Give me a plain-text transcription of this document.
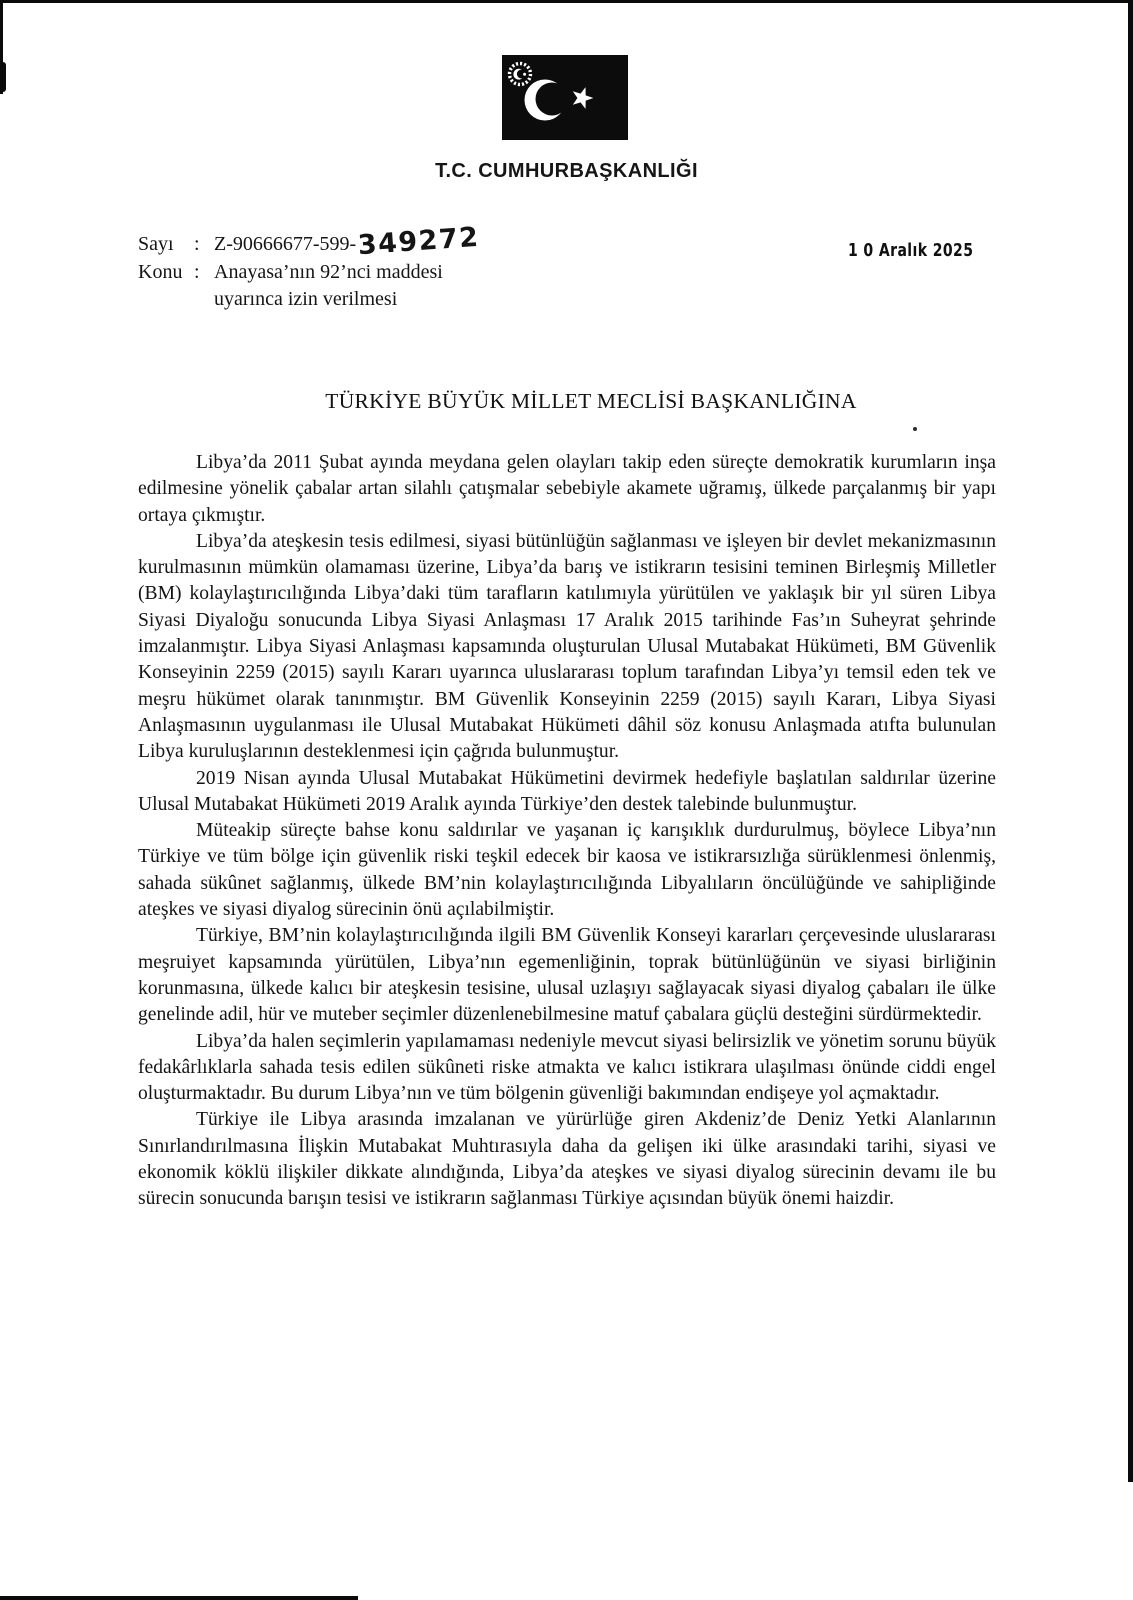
T.C. CUMHURBAŞKANLIĞI
Sayı	: Z-90666677-599- 349272
Konu : Anayasa’nın 92’nci maddesi
uyarınca izin verilmesi
1 0 Aralık 2025
TÜRKİYE BÜYÜK MİLLET MECLİSİ BAŞKANLIĞINA

Libya’da 2011 Şubat ayında meydana gelen olayları takip eden süreçte demokratik kurumların inşa edilmesine yönelik çabalar artan silahlı çatışmalar sebebiyle akamete uğramış, ülkede parçalanmış bir yapı ortaya çıkmıştır.

Libya’da ateşkesin tesis edilmesi, siyasi bütünlüğün sağlanması ve işleyen bir devlet mekanizmasının kurulmasının mümkün olamaması üzerine, Libya’da barış ve istikrarın tesisini teminen Birleşmiş Milletler (BM) kolaylaştırıcılığında Libya’daki tüm tarafların katılımıyla yürütülen ve yaklaşık bir yıl süren Libya Siyasi Diyaloğu sonucunda Libya Siyasi Anlaşması 17 Aralık 2015 tarihinde Fas’ın Suheyrat şehrinde imzalanmıştır. Libya Siyasi Anlaşması kapsamında oluşturulan Ulusal Mutabakat Hükümeti, BM Güvenlik Konseyinin 2259 (2015) sayılı Kararı uyarınca uluslararası toplum tarafından Libya’yı temsil eden tek ve meşru hükümet olarak tanınmıştır. BM Güvenlik Konseyinin 2259 (2015) sayılı Kararı, Libya Siyasi Anlaşmasının uygulanması ile Ulusal Mutabakat Hükümeti dâhil söz konusu Anlaşmada atıfta bulunulan Libya kuruluşlarının desteklenmesi için çağrıda bulunmuştur.

2019 Nisan ayında Ulusal Mutabakat Hükümetini devirmek hedefiyle başlatılan saldırılar üzerine Ulusal Mutabakat Hükümeti 2019 Aralık ayında Türkiye’den destek talebinde bulunmuştur.

Müteakip süreçte bahse konu saldırılar ve yaşanan iç karışıklık durdurulmuş, böylece Libya’nın Türkiye ve tüm bölge için güvenlik riski teşkil edecek bir kaosa ve istikrarsızlığa sürüklenmesi önlenmiş, sahada sükûnet sağlanmış, ülkede BM’nin kolaylaştırıcılığında Libyalıların öncülüğünde ve sahipliğinde ateşkes ve siyasi diyalog sürecinin önü açılabilmiştir.

Türkiye, BM’nin kolaylaştırıcılığında ilgili BM Güvenlik Konseyi kararları çerçevesinde uluslararası meşruiyet kapsamında yürütülen, Libya’nın egemenliğinin, toprak bütünlüğünün ve siyasi birliğinin korunmasına, ülkede kalıcı bir ateşkesin tesisine, ulusal uzlaşıyı sağlayacak siyasi diyalog çabaları ile ülke genelinde adil, hür ve muteber seçimler düzenlenebilmesine matuf çabalara güçlü desteğini sürdürmektedir.

Libya’da halen seçimlerin yapılamaması nedeniyle mevcut siyasi belirsizlik ve yönetim sorunu büyük fedakârlıklarla sahada tesis edilen sükûneti riske atmakta ve kalıcı istikrara ulaşılması önünde ciddi engel oluşturmaktadır. Bu durum Libya’nın ve tüm bölgenin güvenliği bakımından endişeye yol açmaktadır.

Türkiye ile Libya arasında imzalanan ve yürürlüğe giren Akdeniz’de Deniz Yetki Alanlarının Sınırlandırılmasına İlişkin Mutabakat Muhtırasıyla daha da gelişen iki ülke arasındaki tarihi, siyasi ve ekonomik köklü ilişkiler dikkate alındığında, Libya’da ateşkes ve siyasi diyalog sürecinin devamı ile bu sürecin sonucunda barışın tesisi ve istikrarın sağlanması Türkiye açısından büyük önemi haizdir.
